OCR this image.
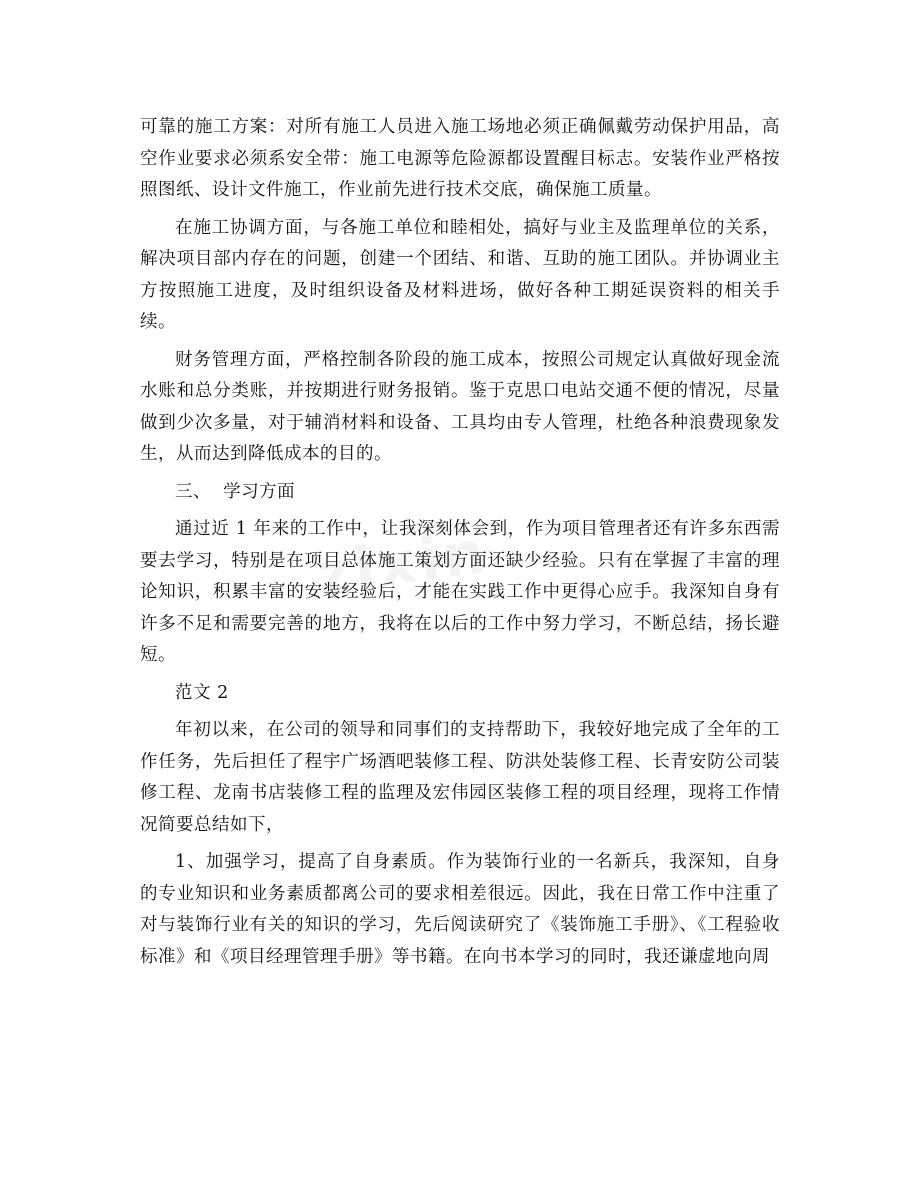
zixin

可靠的施工方案：对所有施工人员进入施工场地必须正确佩戴劳动保护用品，高空作业要求必须系安全带：施工电源等危险源都设置醒目标志。安装作业严格按照图纸、设计文件施工，作业前先进行技术交底，确保施工质量。

在施工协调方面，与各施工单位和睦相处，搞好与业主及监理单位的关系，解决项目部内存在的问题，创建一个团结、和谐、互助的施工团队。并协调业主方按照施工进度，及时组织设备及材料进场，做好各种工期延误资料的相关手续。

财务管理方面，严格控制各阶段的施工成本，按照公司规定认真做好现金流水账和总分类账，并按期进行财务报销。鉴于克思口电站交通不便的情况，尽量做到少次多量，对于辅消材料和设备、工具均由专人管理，杜绝各种浪费现象发生，从而达到降低成本的目的。

三、  学习方面

通过近 1 年来的工作中，让我深刻体会到，作为项目管理者还有许多东西需要去学习，特别是在项目总体施工策划方面还缺少经验。只有在掌握了丰富的理论知识，积累丰富的安装经验后，才能在实践工作中更得心应手。我深知自身有许多不足和需要完善的地方，我将在以后的工作中努力学习，不断总结，扬长避短。

范文 2

年初以来，在公司的领导和同事们的支持帮助下，我较好地完成了全年的工作任务，先后担任了程宇广场酒吧装修工程、防洪处装修工程、长青安防公司装修工程、龙南书店装修工程的监理及宏伟园区装修工程的项目经理，现将工作情况简要总结如下，

1、加强学习，提高了自身素质。作为装饰行业的一名新兵，我深知，自身的专业知识和业务素质都离公司的要求相差很远。因此，我在日常工作中注重了对与装饰行业有关的知识的学习，先后阅读研究了《装饰施工手册》、《工程验收标准》和《项目经理管理手册》等书籍。在向书本学习的同时，我还谦虚地向周
